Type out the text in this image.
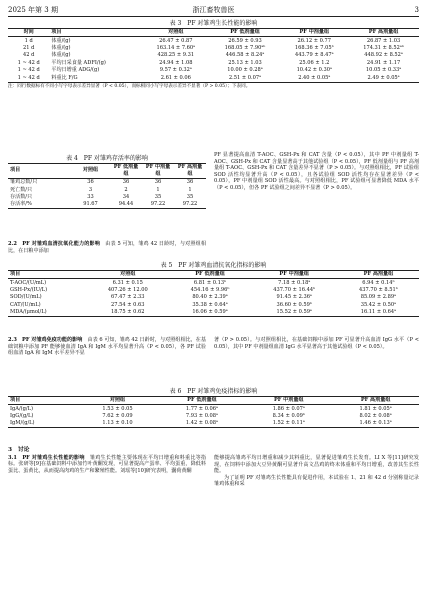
2025 年第 3 期	浙江畜牧兽医	3

表 3　PF 对雏鸡生长性能的影响

时间	项目	对照组	PF 低剂量组	PF 中剂量组	PF 高剂量组
1 d	体重/(g)	26.47 ± 0.87	26.59 ± 0.93	26.12 ± 0.77	26.87 ± 1.03
21 d	体重/(g)	163.14 ± 7.60ᵃ	168.05 ± 7.90ᵃᵇ	168.36 ± 7.05ᵇ	174.31 ± 8.52ᵃᵇ
42 d	体重/(g)	428.25 ± 9.31	446.58 ± 8.24ᵃ	443.79 ± 8.47ᵃ	448.92 ± 8.52ᵃ
1 ~ 42 d	平均日采食量 ADFI/(g)	24.94 ± 1.08	25.13 ± 1.03	25.06 ± 1.2	24.91 ± 1.17
1 ~ 42 d	平均日增重 ADG/(g)	9.57 ± 0.32ᵃ	10.00 ± 0.28ᵃ	10.42 ± 0.30ᵃ	10.05 ± 0.33ᵃ
1 ~ 42 d	料重比 F/G	2.61 ± 0.06	2.51 ± 0.07ᵃ	2.40 ± 0.05ᵃ	2.49 ± 0.05ᵃ

注：同行数据标有不同小写字母表示差异显著（P < 0.05），而标相同小写字母表示差异不显著（P > 0.05）；下表同。

表 4　PF 对雏鸡存活率的影响

项目	对照组	PF 低剂量组	PF 中剂量组	PF 高剂量组
雏鸡总数/只	36	36	36	36
死亡数/只	3	2	1	1
存活数/只	33	34	35	35
存活率/%	91.67	94.44	97.22	97.22

PF 显著提高血清 T-AOC、GSH-Px 和 CAT 含量（P < 0.05），其中 PF 中剂量组 T-AOC、GSH-Px 和 CAT 含量显著高于其他试验组（P < 0.05），PF 低剂量组与 PF 高剂量组 T-AOC、GSH-Px 和 CAT 含量差异不显著（P > 0.05）。与对照组相比，PF 试验组 SOD 活性均显著升高（P < 0.05），且各试验组 SOD 活性均存在显著差异（P < 0.05），PF 中剂量组 SOD 活性最高。与对照组相比，PF 试验组可显著降低 MDA 水平（P < 0.05），但各 PF 试验组之间差异不显著（P > 0.05）。

2.2　PF 对雏鸡血清抗氧化能力的影响　 由表 5 可知，雏鸡 42 日龄时，与对照组相比，在日粮中添加

表 5　PF 对雏鸡血清抗氧化指标的影响

项目	对照组	PF 低剂量组	PF 中剂量组	PF 高剂量组
T-AOC/(U/mL)	6.31 ± 0.15	6.81 ± 0.13ᵇ	7.18 ± 0.18ᵃ	6.94 ± 0.14ᵇ
GSH-Px/(IU/L)	407.26 ± 12.00	454.16 ± 9.96ᵇ	437.70 ± 16.44ᵇ	437.70 ± 8.51ᵇ
SOD/(U/mL)	67.47 ± 2.33	80.40 ± 2.39ᵃ	91.45 ± 2.36ᵃ	85.09 ± 2.89ᵃ
CAT/(U/mL)	27.54 ± 0.63	35.38 ± 0.64ᵃ	36.60 ± 0.59ᵇ	35.42 ± 0.50ᵃ
MDA/(μmol/L)	18.75 ± 0.62	16.06 ± 0.59ᵃ	15.52 ± 0.59ᵃ	16.11 ± 0.64ᵃ

2.3　PF 对雏鸡免疫功能的影响　 由表 6 可知，雏鸡 42 日龄时，与对照组相比，在基础饲粮中添加 PF 能够使血清 IgA 和 IgM 水平均显著升高（P < 0.05），各 PF 试验组血清 IgA 和 IgM 水平差异不显

著（P > 0.05）。与对照组相比，在基础饲粮中添加 PF 可显著升高血清 IgG 水平（P < 0.05），其中 PF 中剂量组血清 IgG 水平显著高于其他试验组（P < 0.05）。

表 6　PF 对雏鸡免疫指标的影响

项目	对照组	PF 低剂量组	PF 中剂量组	PF 高剂量组
IgA/(g/L)	1.53 ± 0.05	1.77 ± 0.06ᵃ	1.86 ± 0.07ᵃ	1.81 ± 0.05ᵃ
IgG/(g/L)	7.62 ± 0.09	7.93 ± 0.08ᵃ	8.34 ± 0.09ᵇ	8.02 ± 0.08ᵃ
IgM/(g/L)	1.13 ± 0.10	1.42 ± 0.08ᵃ	1.52 ± 0.11ᵃ	1.46 ± 0.13ᵃ

3　讨论

3.1　PF 对雏鸡生长性能的影响　 雏鸡生长性能主要体现在平均日增重和料重比等指标。张研等[9]在基础饲料中添加竹叶黄酮发现，可显著提高产蛋率、平均蛋重，降低料蛋比、蛋黄比，从而提高肉鸡的生产和繁殖性能。刘瑶等[10]研究表明，囊荷黄酮

能够提高雏鸡平均日增重和减少其料重比，显著促进雏鸡生长发育。LI X 等[11]研究发现，在饲料中添加大豆异黄酮可显著升高文昌鸡的终末体重和平均日增重，改善其生长性能。

为了证明 PF 对雏鸡生长性能具有促进作用，本试验在 1、21 和 42 d 分别称量记录雏鸡体重和采
